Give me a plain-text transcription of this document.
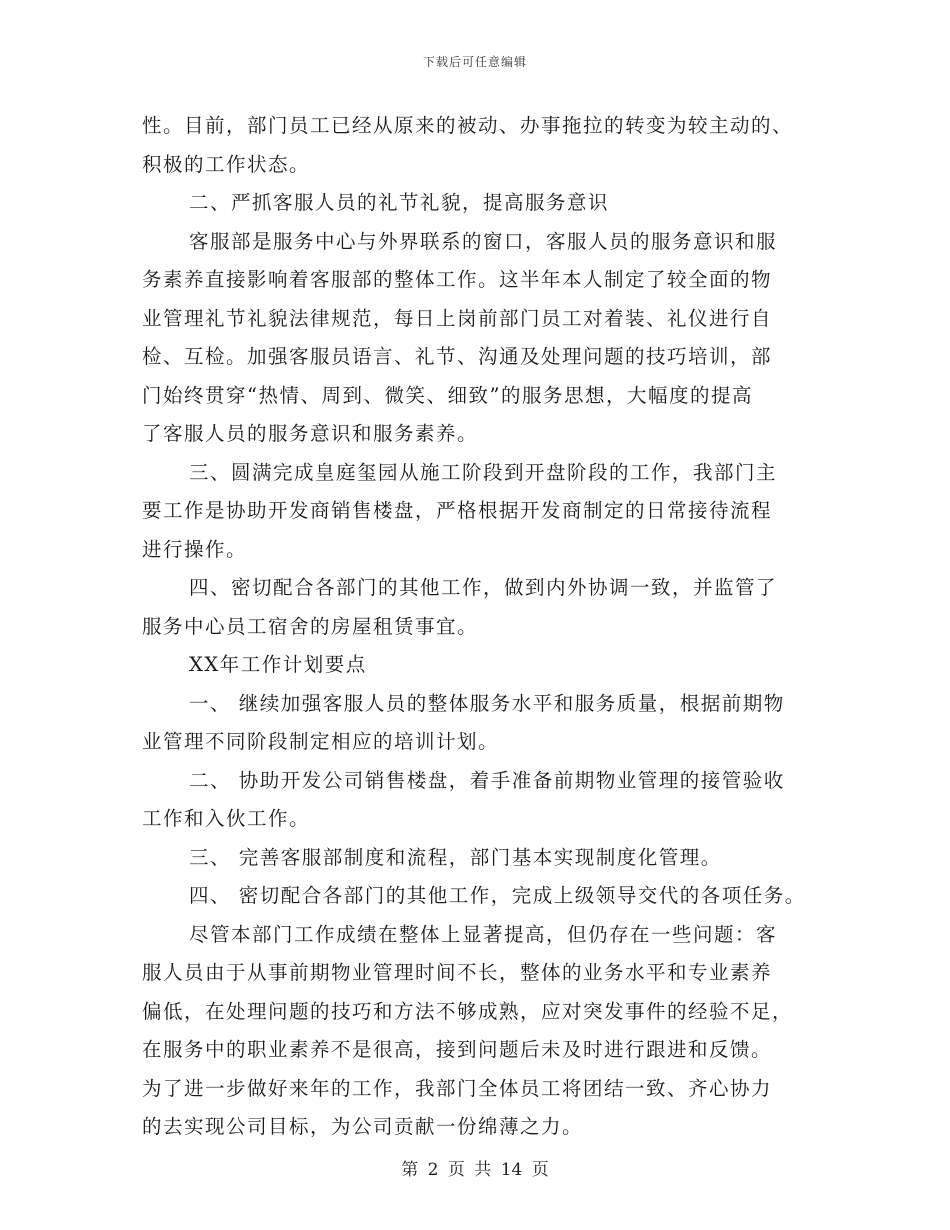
下载后可任意编辑
性。目前，部门员工已经从原来的被动、办事拖拉的转变为较主动的、
积极的工作状态。
二、严抓客服人员的礼节礼貌，提高服务意识
客服部是服务中心与外界联系的窗口，客服人员的服务意识和服
务素养直接影响着客服部的整体工作。这半年本人制定了较全面的物
业管理礼节礼貌法律规范，每日上岗前部门员工对着装、礼仪进行自
检、互检。加强客服员语言、礼节、沟通及处理问题的技巧培训，部
门始终贯穿“热情、周到、微笑、细致”的服务思想，大幅度的提高
了客服人员的服务意识和服务素养。
三、圆满完成皇庭玺园从施工阶段到开盘阶段的工作，我部门主
要工作是协助开发商销售楼盘，严格根据开发商制定的日常接待流程
进行操作。
四、密切配合各部门的其他工作，做到内外协调一致，并监管了
服务中心员工宿舍的房屋租赁事宜。
XX年工作计划要点
一、 继续加强客服人员的整体服务水平和服务质量，根据前期物
业管理不同阶段制定相应的培训计划。
二、 协助开发公司销售楼盘，着手准备前期物业管理的接管验收
工作和入伙工作。
三、 完善客服部制度和流程，部门基本实现制度化管理。
四、 密切配合各部门的其他工作，完成上级领导交代的各项任务。
尽管本部门工作成绩在整体上显著提高，但仍存在一些问题：客
服人员由于从事前期物业管理时间不长，整体的业务水平和专业素养
偏低，在处理问题的技巧和方法不够成熟，应对突发事件的经验不足，
在服务中的职业素养不是很高，接到问题后未及时进行跟进和反馈。
为了进一步做好来年的工作，我部门全体员工将团结一致、齐心协力
的去实现公司目标，为公司贡献一份绵薄之力。
第 2 页 共 14 页
